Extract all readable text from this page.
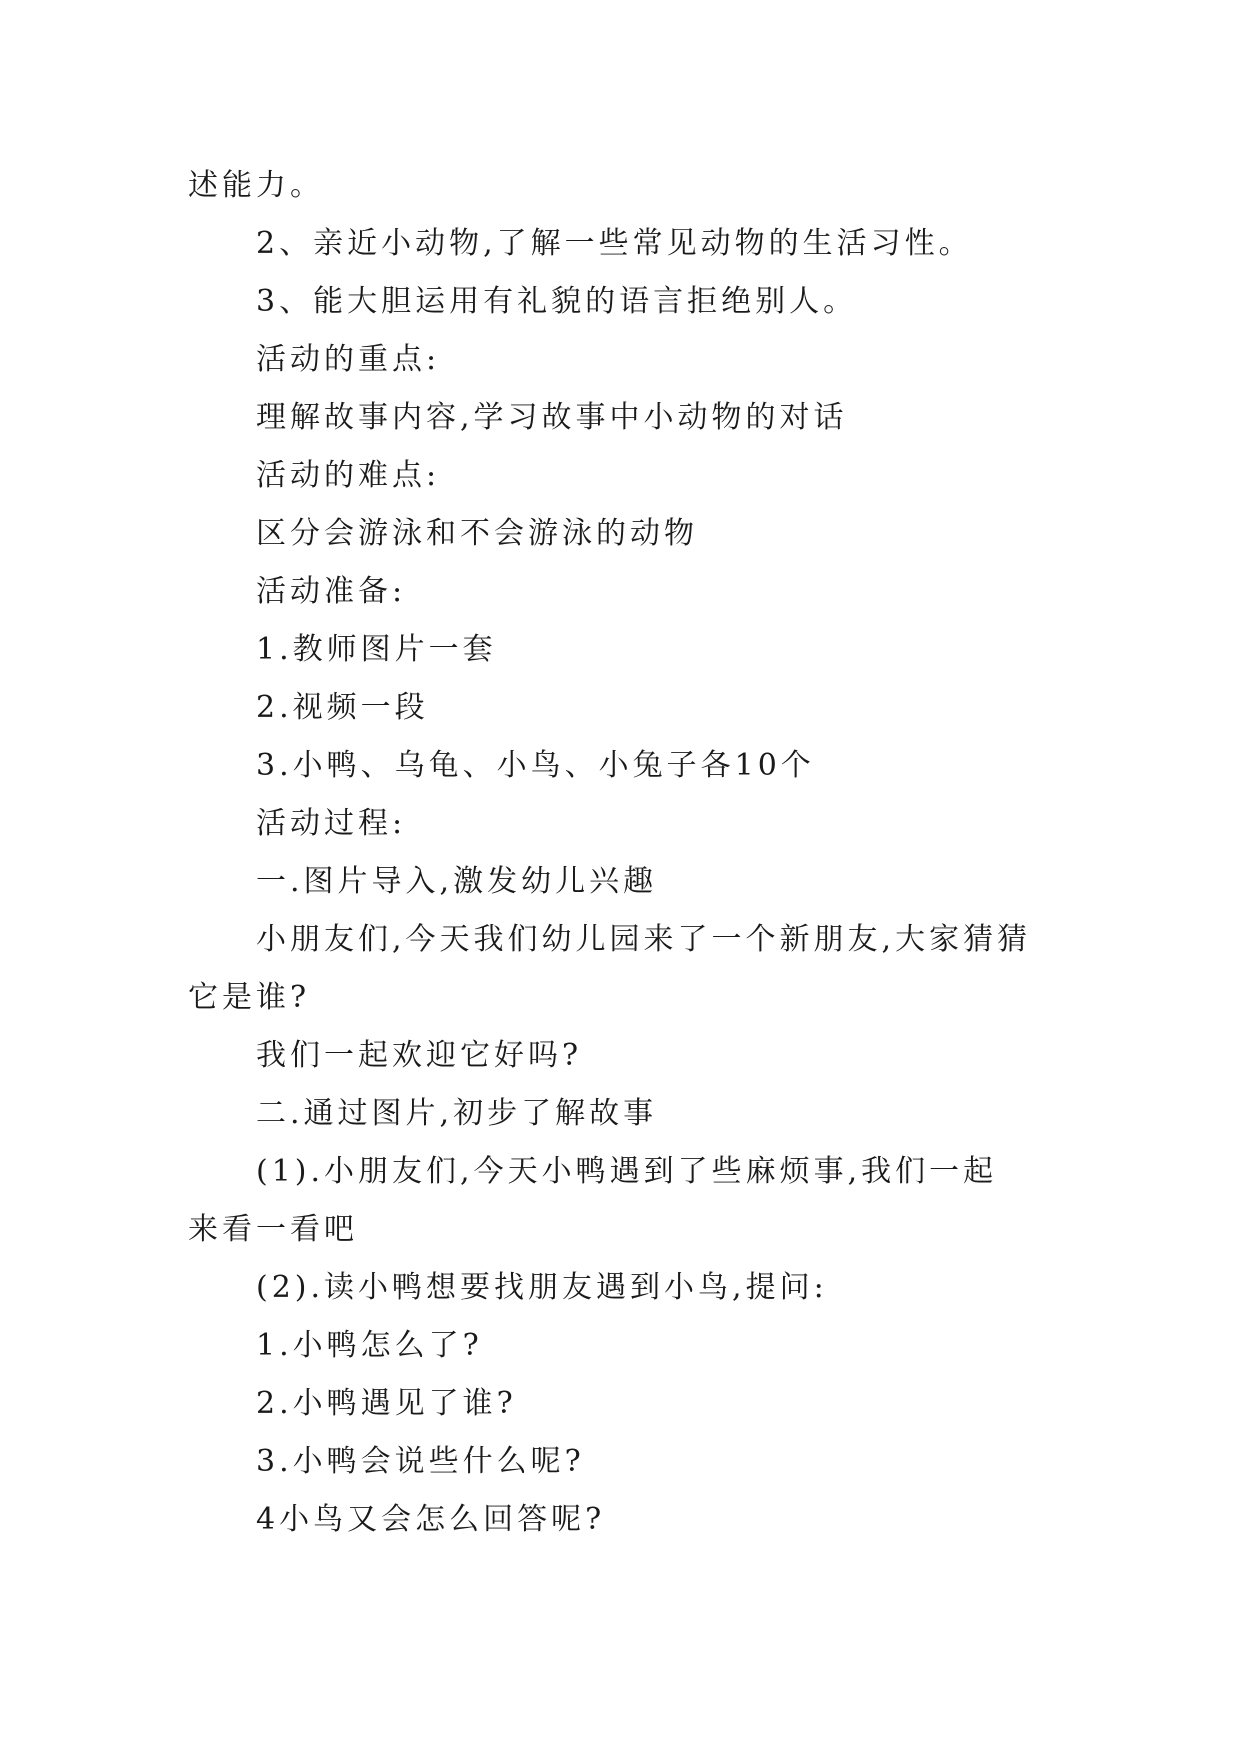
述能力。
2、亲近小动物,了解一些常见动物的生活习性。
3、能大胆运用有礼貌的语言拒绝别人。
活动的重点:
理解故事内容,学习故事中小动物的对话
活动的难点:
区分会游泳和不会游泳的动物
活动准备:
1.教师图片一套
2.视频一段
3.小鸭、乌龟、小鸟、小兔子各10个
活动过程:
一.图片导入,激发幼儿兴趣
小朋友们,今天我们幼儿园来了一个新朋友,大家猜猜
它是谁?
我们一起欢迎它好吗?
二.通过图片,初步了解故事
(1).小朋友们,今天小鸭遇到了些麻烦事,我们一起
来看一看吧
(2).读小鸭想要找朋友遇到小鸟,提问:
1.小鸭怎么了?
2.小鸭遇见了谁?
3.小鸭会说些什么呢?
4小鸟又会怎么回答呢?
